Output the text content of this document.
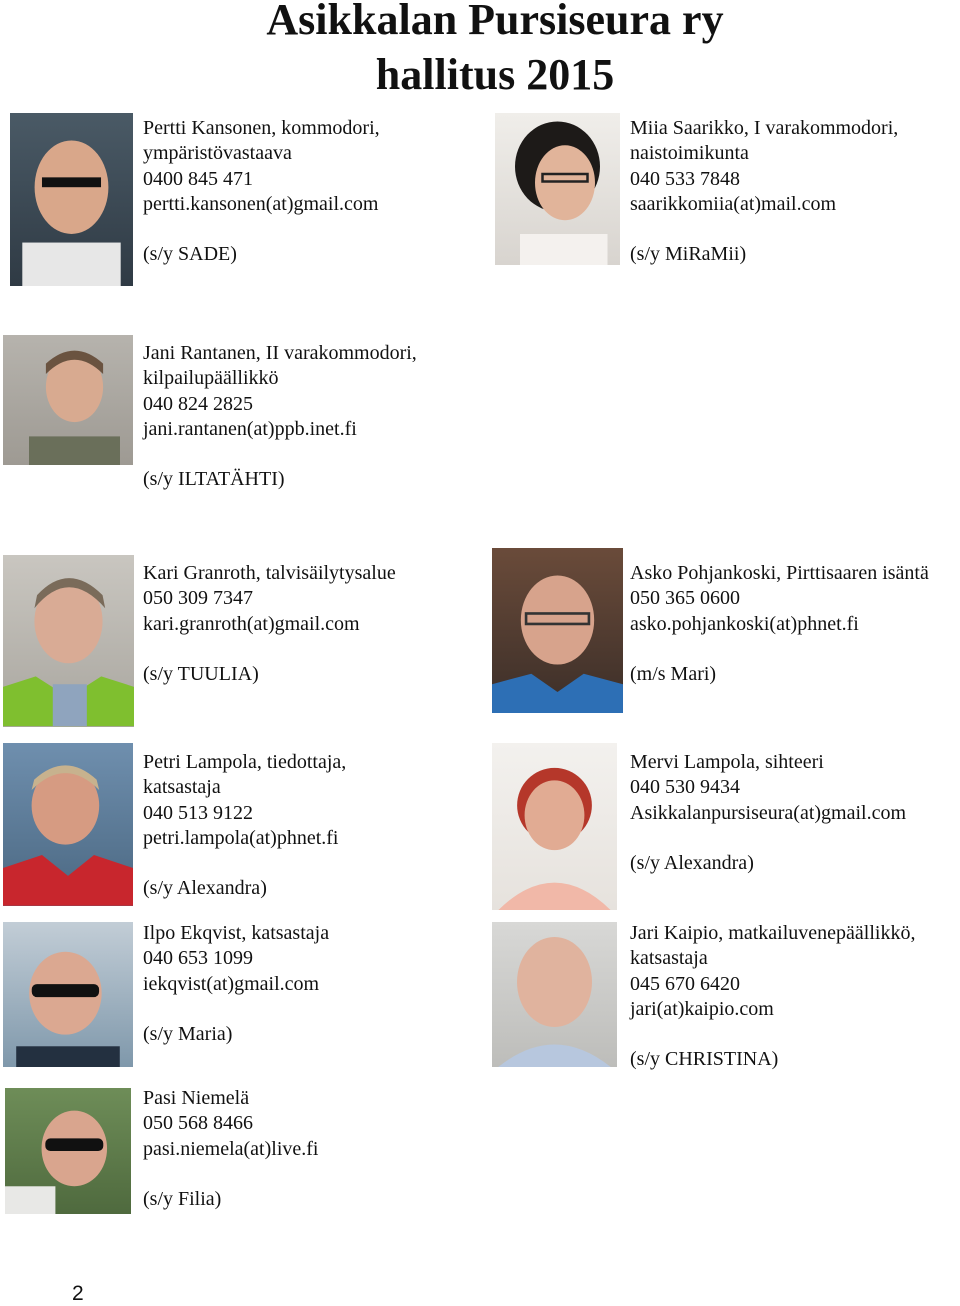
Asikkalan Pursiseura ry
hallitus 2015
Pertti Kansonen, kommodori,
ympäristövastaava
0400 845 471
pertti.kansonen(at)gmail.com
(s/y SADE)
Miia Saarikko, I varakommodori,
naistoimikunta
040 533 7848
saarikkomiia(at)mail.com
(s/y MiRaMii)
Jani Rantanen, II varakommodori,
kilpailupäällikkö
040 824 2825
jani.rantanen(at)ppb.inet.fi
(s/y ILTATÄHTI)
Kari Granroth, talvisäilytysalue
050 309 7347
kari.granroth(at)gmail.com
(s/y TUULIA)
Asko Pohjankoski, Pirttisaaren isäntä
050 365 0600
asko.pohjankoski(at)phnet.fi
(m/s Mari)
Petri Lampola, tiedottaja,
katsastaja
040 513 9122
petri.lampola(at)phnet.fi
(s/y Alexandra)
Mervi Lampola, sihteeri
040 530 9434
Asikkalanpursiseura(at)gmail.com
(s/y Alexandra)
Ilpo Ekqvist, katsastaja
040 653 1099
iekqvist(at)gmail.com
(s/y Maria)
Jari Kaipio, matkailuvenepäällikkö,
katsastaja
045 670 6420
jari(at)kaipio.com
(s/y CHRISTINA)
Pasi Niemelä
050 568 8466
pasi.niemela(at)live.fi
(s/y Filia)
2
